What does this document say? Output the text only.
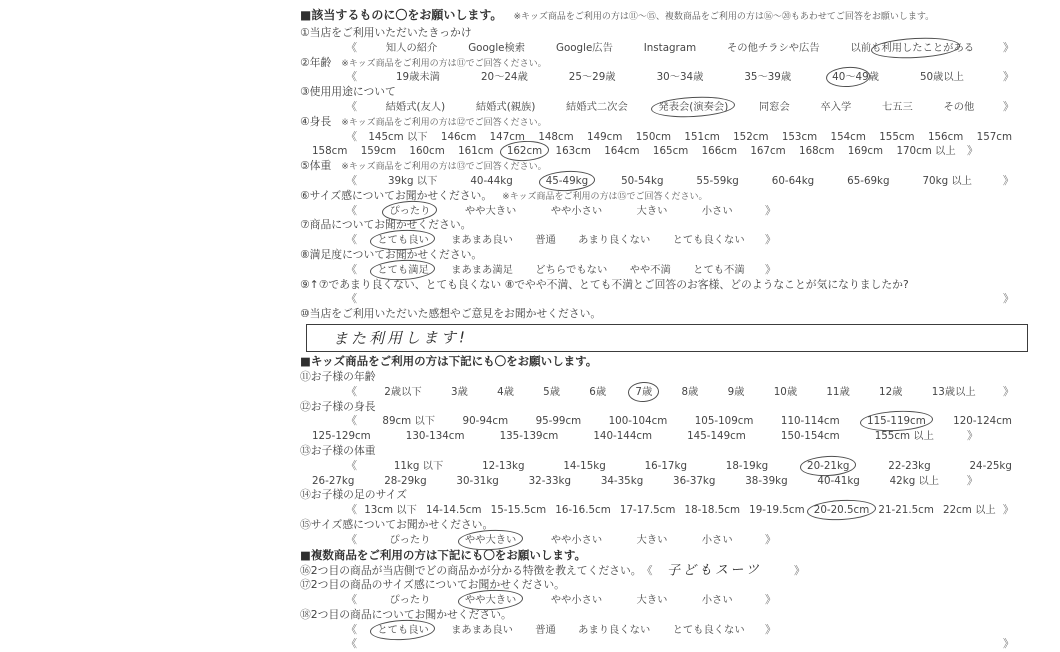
■該当するものに〇をお願いします。 ※キッズ商品をご利用の方は⑪〜⑮、複数商品をご利用の方は⑯〜⑳もあわせてご回答をお願いします。
①当店をご利用いただいたきっかけ
《	知人の紹介	Google検索	Google広告	Instagram	その他チラシや広告	以前も利用したことがある	》
②年齢 ※キッズ商品をご利用の方は⑪でご回答ください。
《	19歳未満	20〜24歳	25〜29歳	30〜34歳	35〜39歳	40〜49歳	50歳以上	》
③使用用途について
《	結婚式(友人)	結婚式(親族)	結婚式二次会	発表会(演奏会)	同窓会	卒入学	七五三	その他	》
④身長 ※キッズ商品をご利用の方は⑫でご回答ください。
《 145cm 以下 146cm 147cm 148cm 149cm 150cm 151cm 152cm 153cm 154cm 155cm 156cm 157cm
158cm 159cm 160cm 161cm 162cm 163cm 164cm 165cm 166cm 167cm 168cm 169cm 170cm 以上 》
⑤体重 ※キッズ商品をご利用の方は⑬でご回答ください。
《	39kg 以下	40-44kg	45-49kg	50-54kg	55-59kg	60-64kg	65-69kg	70kg 以上	》
⑥サイズ感についてお聞かせください。 ※キッズ商品をご利用の方は⑮でご回答ください。
《	ぴったり	やや大きい	やや小さい	大きい	小さい	》
⑦商品についてお聞かせください。
《 とても良い まあまあ良い 普通 あまり良くない とても良くない 》
⑧満足度についてお聞かせください。
《 とても満足 まあまあ満足 どちらでもない やや不満 とても不満 》
⑨↑⑦であまり良くない、とても良くない ⑧でやや不満、とても不満とご回答のお客様、どのようなことが気になりましたか?
《	》
⑩当店をご利用いただいた感想やご意見をお聞かせください。
また利用します!
■キッズ商品をご利用の方は下記にも〇をお願いします。
⑪お子様の年齢
《	2歳以下	3歳	4歳	5歳	6歳	7歳	8歳	9歳	10歳	11歳	12歳	13歳以上 》
⑫お子様の身長
《 89cm 以下	90-94cm	95-99cm	100-104cm	105-109cm	110-114cm	115-119cm	120-124cm
125-129cm	130-134cm	135-139cm	140-144cm	145-149cm	150-154cm	155cm 以上	》
⑬お子様の体重
《	11kg 以下	12-13kg	14-15kg	16-17kg	18-19kg	20-21kg	22-23kg	24-25kg
26-27kg	28-29kg	30-31kg	32-33kg	34-35kg	36-37kg	38-39kg	40-41kg	42kg 以上	》
⑭お子様の足のサイズ
《 13cm 以下 14-14.5cm 15-15.5cm 16-16.5cm 17-17.5cm 18-18.5cm 19-19.5cm 20-20.5cm 21-21.5cm 22cm 以上 》
⑮サイズ感についてお聞かせください。
《	ぴったり	やや大きい	やや小さい	大きい	小さい	》
■複数商品をご利用の方は下記にも〇をお願いします。
⑯2つ目の商品が当店側でどの商品かが分かる特徴を教えてください。 《 子どもスーツ	》
⑰2つ目の商品のサイズ感についてお聞かせください。
《	ぴったり	やや大きい	やや小さい	大きい	小さい	》
⑱2つ目の商品についてお聞かせください。
《 とても良い まあまあ良い 普通 あまり良くない とても良くない 》
《	》
